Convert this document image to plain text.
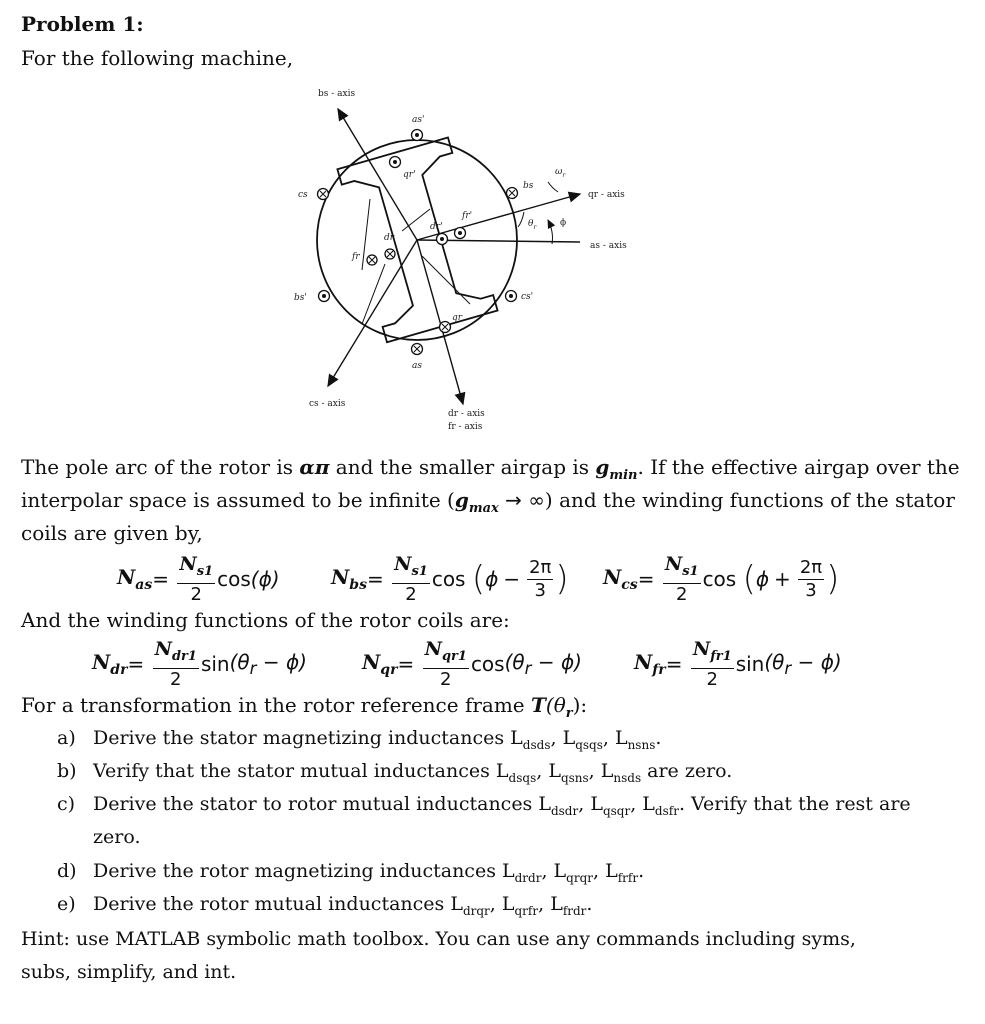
Problem 1:
For the following machine,
bs - axis
as'
qr'
cs
bs
$\omega_r$
qr - axis
fr'
dr'
dr
fr
$\theta_r$	ϕ
as - axis
bs'	cs'
qr
as
cs - axis
dr - axis
fr - axis
The pole arc of the rotor is απ and the smaller airgap is $g_{min}$. If the effective airgap over the
interpolar space is assumed to be infinite ($g_{max}$ → ∞) and the winding functions of the stator
coils are given by,
$N_{as}$ =
$\frac{N_{s1}}{2}$ cos (ϕ)	$N_{bs}$ =
$\frac{N_{s1}}{2}$ cos
( $\phi - \frac{2\pi}{3}$ ) $N_{cs}$ =
$\frac{N_{s1}}{2}$ cos
( $\phi + \frac{2\pi}{3}$ )
And the winding functions of the rotor coils are:
$N_{dr}$ =
$\frac{N_{dr1}}{2}$ $\sin (\theta_r - \phi)$	$N_{qr}$ =
$\frac{N_{qr1}}{2}$ $\cos (\theta_r - \phi)$	$N_{fr}$ =
$\frac{N_{fr1}}{2}$ $\sin (\theta_r - \phi)$
For a transformation in the rotor reference frame $T(\theta_r)$:
a) Derive the stator magnetizing inductances $L_{dsds}$, $L_{qsqs}$, $L_{nsns}$.
b) Verify that the stator mutual inductances $L_{dsqs}$, $L_{qsns}$, $L_{nsds}$ are zero.
c) Derive the stator to rotor mutual inductances $L_{dsdr}$, $L_{qsqr}$, $L_{dsfr}$. Verify that the rest are
zero.
d) Derive the rotor magnetizing inductances $L_{drdr}$, $L_{qrqr}$, $L_{frfr}$.
e) Derive the rotor mutual inductances $L_{drqr}$, $L_{qrfr}$, $L_{frdr}$.
Hint: use MATLAB symbolic math toolbox. You can use any commands including syms,
subs, simplify, and int.
